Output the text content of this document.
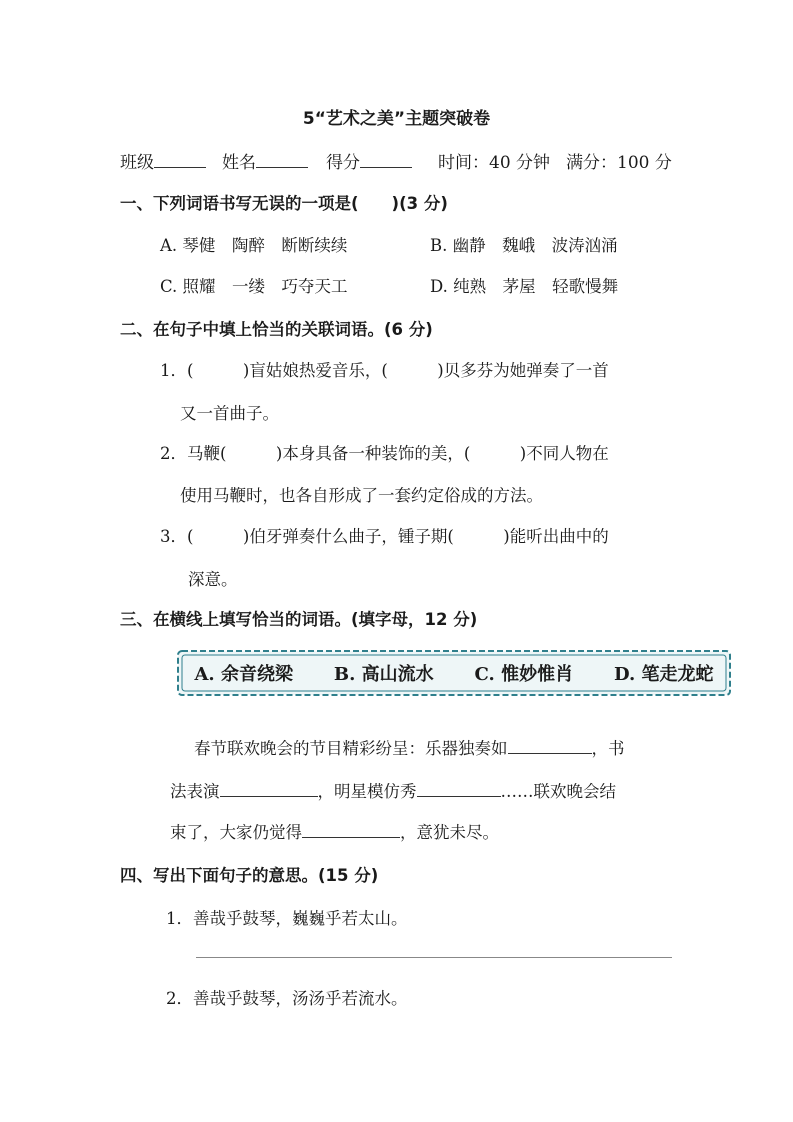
5“艺术之美”主题突破卷
班级	姓名	得分	时间：40 分钟 满分：100 分
一、下列词语书写无误的一项是(　　)(3 分)
A. 琴健　陶醉　断断续续	B. 幽静　魏峨　波涛汹涌
C. 照耀　一缕　巧夺天工	D. 纯熟　茅屋　轻歌慢舞
二、在句子中填上恰当的关联词语。(6 分)
1．(　　　)盲姑娘热爱音乐，(　　　)贝多芬为她弹奏了一首
又一首曲子。
2．马鞭(　　　)本身具备一种装饰的美，(　　　)不同人物在
使用马鞭时，也各自形成了一套约定俗成的方法。
3．(　　　)伯牙弹奏什么曲子，锺子期(　　　)能听出曲中的
深意。
三、在横线上填写恰当的词语。(填字母，12 分)
A. 余音绕梁 B. 高山流水 C. 惟妙惟肖 D. 笔走龙蛇
春节联欢晚会的节目精彩纷呈：乐器独奏如	，书
法表演	，明星模仿秀	……联欢晚会结
束了，大家仍觉得	，意犹未尽。
四、写出下面句子的意思。(15 分)
1．善哉乎鼓琴，巍巍乎若太山。
2．善哉乎鼓琴，汤汤乎若流水。
